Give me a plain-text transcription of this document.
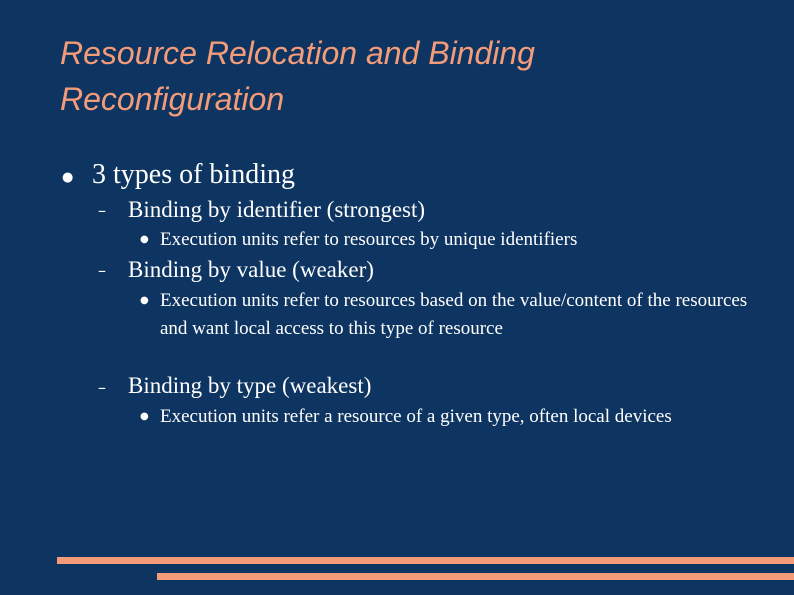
Resource Relocation and Binding Reconfiguration
● 3 types of binding
– Binding by identifier (strongest)
● Execution units refer to resources by unique identifiers
– Binding by value (weaker)
● Execution units refer to resources based on the value/content of the resources and want local access to this type of resource
– Binding by type (weakest)
● Execution units refer a resource of a given type, often local devices
